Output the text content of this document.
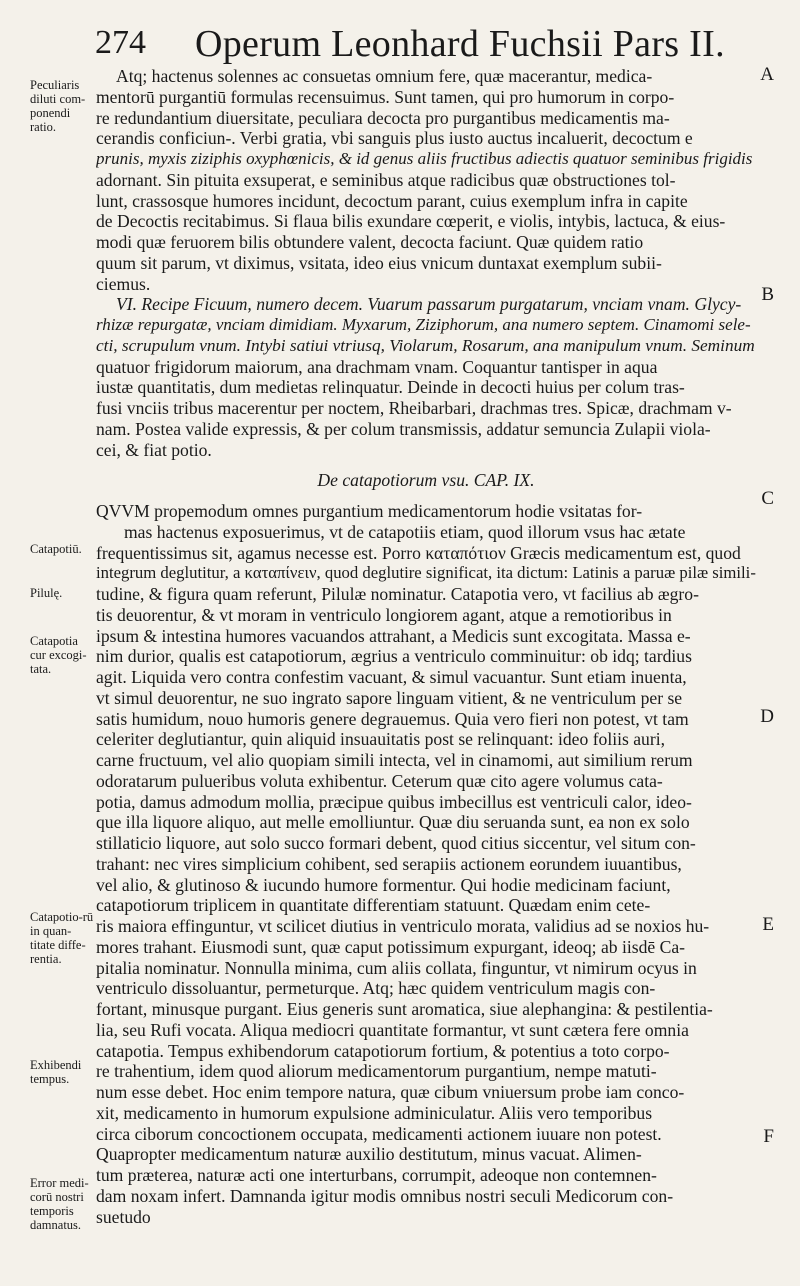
274 Operum Leonhard Fuchsii Pars II.
Peculiaris diluti com-ponendi ratio.
Catapotiū.
Pilulę.
Catapotia cur excogi-tata.
Catapotio-rū in quan-titate diffe-rentia.
Exhibendi tempus.
Error medi-corū nostri temporis damnatus.
A
B
C
D
E
F
Atq; hactenus solennes ac consuetas omnium fere, quæ macerantur, medica-
mentorū purgantiū formulas recensuimus. Sunt tamen, qui pro humorum in corpo-
re redundantium diuersitate, peculiara decocta pro purgantibus medicamentis ma-
cerandis conficiun-. Verbi gratia, vbi sanguis plus iusto auctus incaluerit, decoctum e
prunis, myxis ziziphis oxyphœnicis, & id genus aliis fructibus adiectis quatuor seminibus frigidis
adornant. Sin pituita exsuperat, e seminibus atque radicibus quæ obstructiones tol-
lunt, crassosque humores incidunt, decoctum parant, cuius exemplum infra in capite
de Decoctis recitabimus. Si flaua bilis exundare cœperit, e violis, intybis, lactuca, & eius-
modi quæ feruorem bilis obtundere valent, decocta faciunt. Quæ quidem ratio
quum sit parum, vt diximus, vsitata, ideo eius vnicum duntaxat exemplum subii-
ciemus.
VI. Recipe Ficuum, numero decem. Vuarum passarum purgatarum, vnciam vnam. Glycy-
rhizæ repurgatæ, vnciam dimidiam. Myxarum, Ziziphorum, ana numero septem. Cinamomi sele-
cti, scrupulum vnum. Intybi satiui vtriusq, Violarum, Rosarum, ana manipulum vnum. Seminum
quatuor frigidorum maiorum, ana drachmam vnam. Coquantur tantisper in aqua
iustæ quantitatis, dum medietas relinquatur. Deinde in decocti huius per colum tras-
fusi vnciis tribus macerentur per noctem, Rheibarbari, drachmas tres. Spicæ, drachmam v-
nam. Postea valide expressis, & per colum transmissis, addatur semuncia Zulapii viola-
cei, & fiat potio.
De catapotiorum vsu. CAP. IX.
QVVM propemodum omnes purgantium medicamentorum hodie vsitatas for-
mas hactenus exposuerimus, vt de catapotiis etiam, quod illorum vsus hac ætate
frequentissimus sit, agamus necesse est. Porro καταπότιον Græcis medicamentum est, quod
integrum deglutitur, a καταπίνειν, quod deglutire significat, ita dictum: Latinis a paruæ pilæ simili-
tudine, & figura quam referunt, Pilulæ nominatur. Catapotia vero, vt facilius ab ægro-
tis deuorentur, & vt moram in ventriculo longiorem agant, atque a remotioribus in
ipsum & intestina humores vacuandos attrahant, a Medicis sunt excogitata. Massa e-
nim durior, qualis est catapotiorum, ægrius a ventriculo comminuitur: ob idq; tardius
agit. Liquida vero contra confestim vacuant, & simul vacuantur. Sunt etiam inuenta,
vt simul deuorentur, ne suo ingrato sapore linguam vitient, & ne ventriculum per se
satis humidum, nouo humoris genere degrauemus. Quia vero fieri non potest, vt tam
celeriter deglutiantur, quin aliquid insuauitatis post se relinquant: ideo foliis auri,
carne fructuum, vel alio quopiam simili intecta, vel in cinamomi, aut similium rerum
odoratarum pulueribus voluta exhibentur. Ceterum quæ cito agere volumus cata-
potia, damus admodum mollia, præcipue quibus imbecillus est ventriculi calor, ideo-
que illa liquore aliquo, aut melle emolliuntur. Quæ diu seruanda sunt, ea non ex solo
stillaticio liquore, aut solo succo formari debent, quod citius siccentur, vel situm con-
trahant: nec vires simplicium cohibent, sed serapiis actionem eorundem iuuantibus,
vel alio, & glutinoso & iucundo humore formentur. Qui hodie medicinam faciunt,
catapotiorum triplicem in quantitate differentiam statuunt. Quædam enim cete-
ris maiora effinguntur, vt scilicet diutius in ventriculo morata, validius ad se noxios hu-
mores trahant. Eiusmodi sunt, quæ caput potissimum expurgant, ideoq; ab iisdē Ca-
pitalia nominatur. Nonnulla minima, cum aliis collata, finguntur, vt nimirum ocyus in
ventriculo dissoluantur, permeturque. Atq; hæc quidem ventriculum magis con-
fortant, minusque purgant. Eius generis sunt aromatica, siue alephangina: & pestilentia-
lia, seu Rufi vocata. Aliqua mediocri quantitate formantur, vt sunt cætera fere omnia
catapotia. Tempus exhibendorum catapotiorum fortium, & potentius a toto corpo-
re trahentium, idem quod aliorum medicamentorum purgantium, nempe matuti-
num esse debet. Hoc enim tempore natura, quæ cibum vniuersum probe iam conco-
xit, medicamento in humorum expulsione adminiculatur. Aliis vero temporibus
circa ciborum concoctionem occupata, medicamenti actionem iuuare non potest.
Quapropter medicamentum naturæ auxilio destitutum, minus vacuat. Alimen-
tum præterea, naturæ acti one interturbans, corrumpit, adeoque non contemnen-
dam noxam infert. Damnanda igitur modis omnibus nostri seculi Medicorum con-
suetudo
